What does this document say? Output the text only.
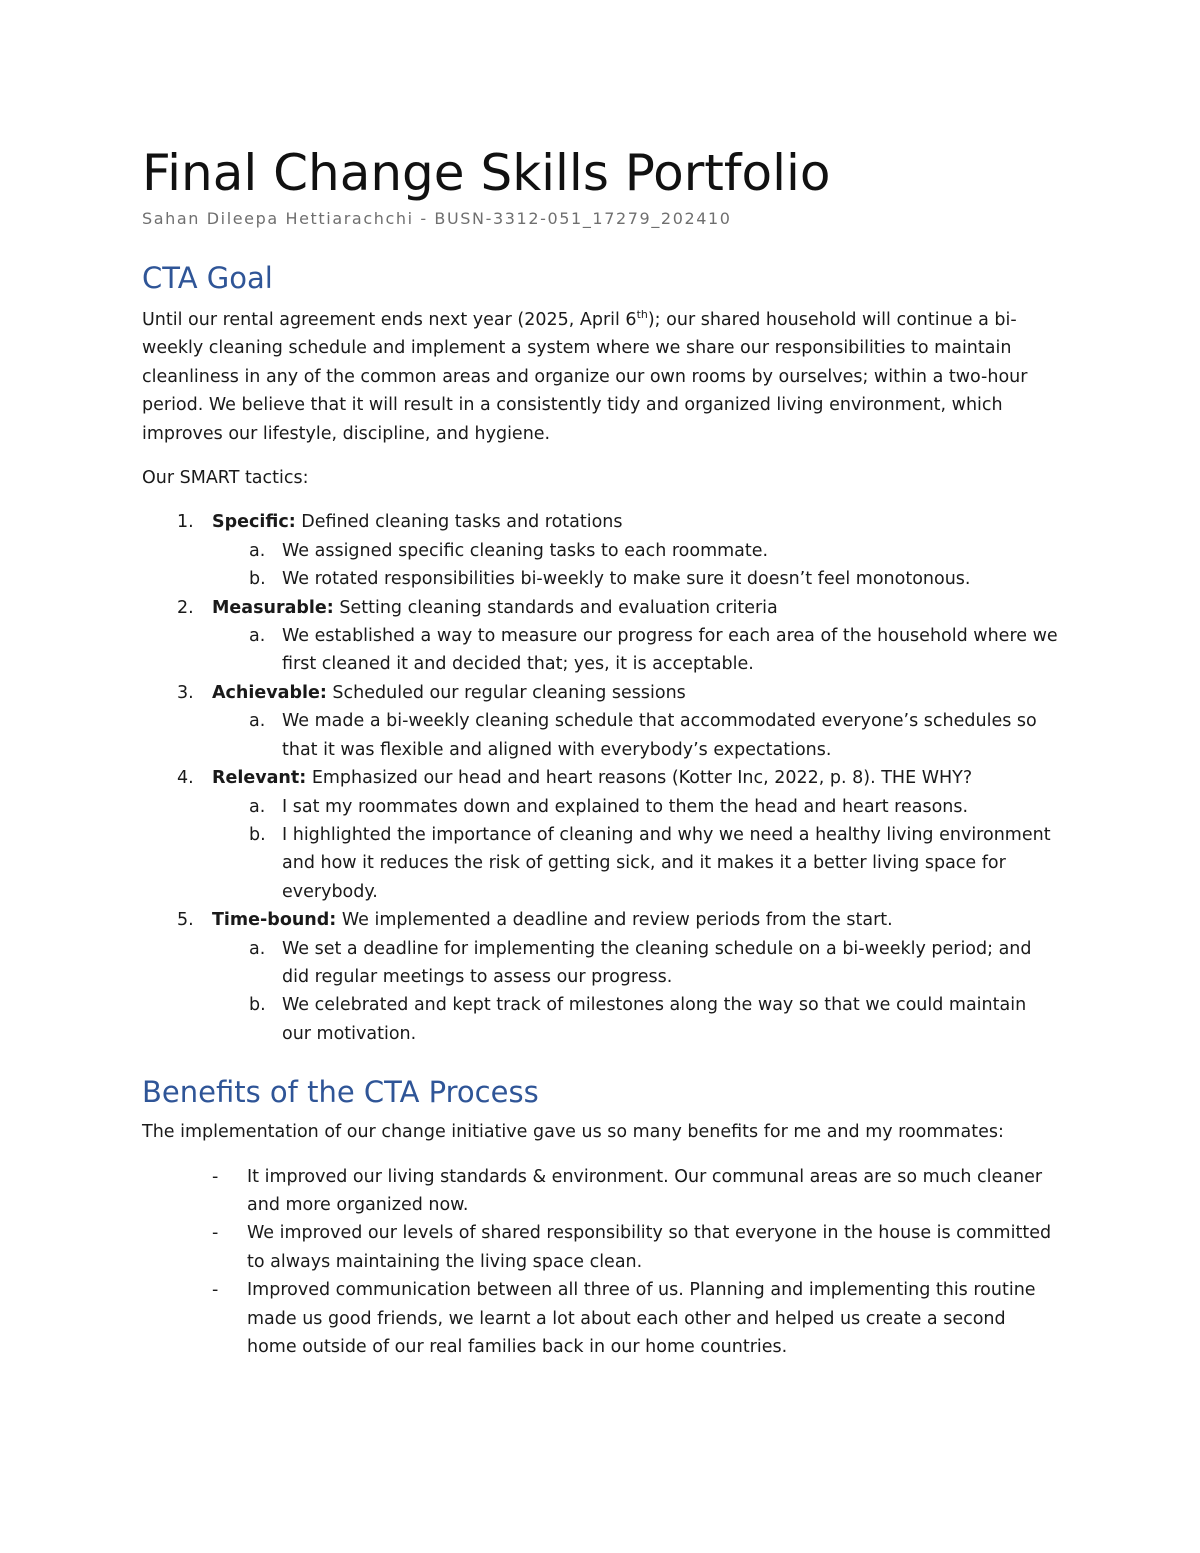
Final Change Skills Portfolio
Sahan Dileepa Hettiarachchi - BUSN-3312-051_17279_202410
CTA Goal

Until our rental agreement ends next year (2025, April 6th); our shared household will continue a bi-weekly cleaning schedule and implement a system where we share our responsibilities to maintain cleanliness in any of the common areas and organize our own rooms by ourselves; within a two-hour period. We believe that it will result in a consistently tidy and organized living environment, which improves our lifestyle, discipline, and hygiene.

Our SMART tactics:

1. Specific: Defined cleaning tasks and rotations
a. We assigned specific cleaning tasks to each roommate.
b. We rotated responsibilities bi-weekly to make sure it doesn’t feel monotonous.
2. Measurable: Setting cleaning standards and evaluation criteria
a. We established a way to measure our progress for each area of the household where we first cleaned it and decided that; yes, it is acceptable.
3. Achievable: Scheduled our regular cleaning sessions
a. We made a bi-weekly cleaning schedule that accommodated everyone’s schedules so that it was flexible and aligned with everybody’s expectations.
4. Relevant: Emphasized our head and heart reasons (Kotter Inc, 2022, p. 8). THE WHY?
a. I sat my roommates down and explained to them the head and heart reasons.
b. I highlighted the importance of cleaning and why we need a healthy living environment and how it reduces the risk of getting sick, and it makes it a better living space for everybody.
5. Time-bound: We implemented a deadline and review periods from the start.
a. We set a deadline for implementing the cleaning schedule on a bi-weekly period; and did regular meetings to assess our progress.
b. We celebrated and kept track of milestones along the way so that we could maintain our motivation.
Benefits of the CTA Process

The implementation of our change initiative gave us so many benefits for me and my roommates:

- It improved our living standards & environment. Our communal areas are so much cleaner and more organized now.
- We improved our levels of shared responsibility so that everyone in the house is committed to always maintaining the living space clean.
- Improved communication between all three of us. Planning and implementing this routine made us good friends, we learnt a lot about each other and helped us create a second home outside of our real families back in our home countries.
